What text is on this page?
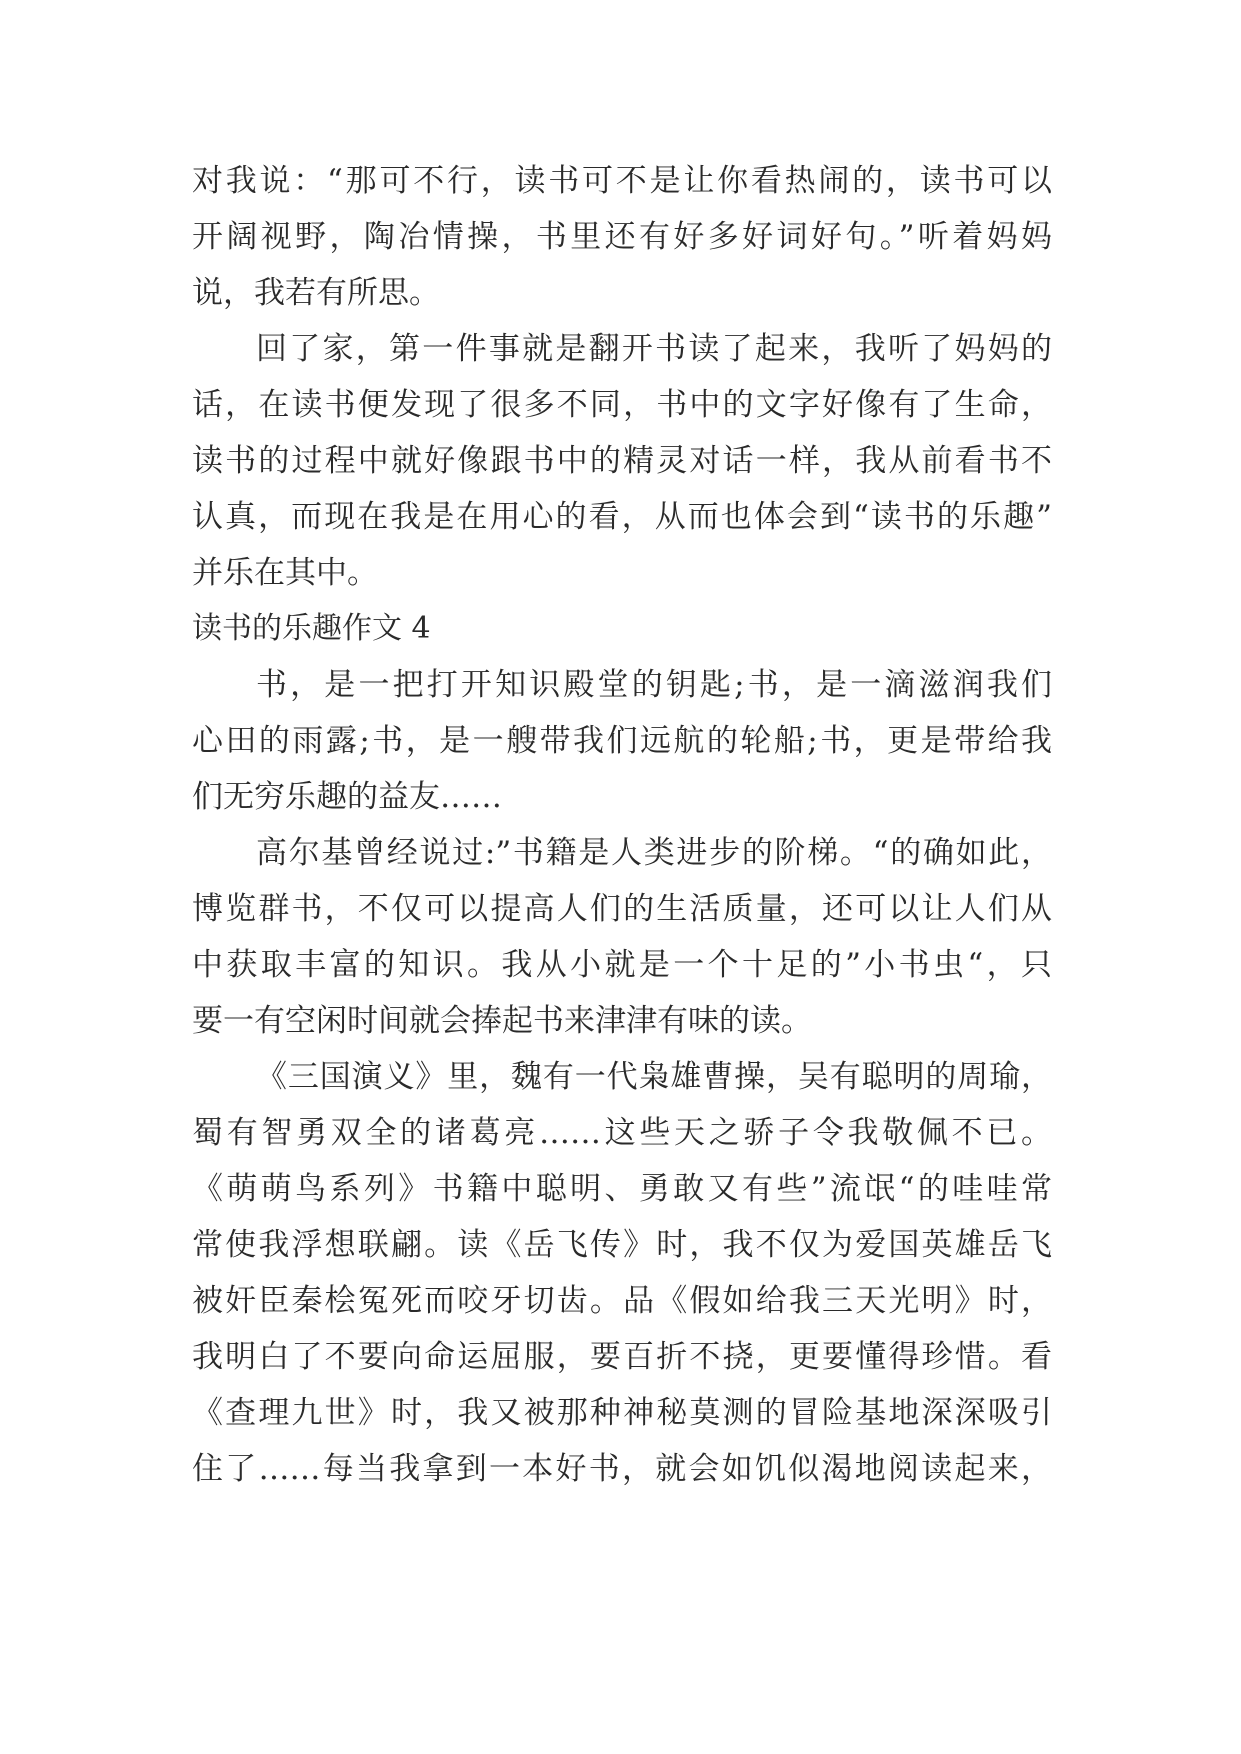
对我说：“那可不行，读书可不是让你看热闹的，读书可以
开阔视野，陶冶情操，书里还有好多好词好句。”听着妈妈
说，我若有所思。
回了家，第一件事就是翻开书读了起来，我听了妈妈的
话，在读书便发现了很多不同，书中的文字好像有了生命，
读书的过程中就好像跟书中的精灵对话一样，我从前看书不
认真，而现在我是在用心的看，从而也体会到“读书的乐趣”
并乐在其中。
读书的乐趣作文 4
书，是一把打开知识殿堂的钥匙;书，是一滴滋润我们
心田的雨露;书，是一艘带我们远航的轮船;书，更是带给我
们无穷乐趣的益友……
高尔基曾经说过:”书籍是人类进步的阶梯。“的确如此，
博览群书，不仅可以提高人们的生活质量，还可以让人们从
中获取丰富的知识。我从小就是一个十足的”小书虫“，只
要一有空闲时间就会捧起书来津津有味的读。
《三国演义》里，魏有一代枭雄曹操，吴有聪明的周瑜，
蜀有智勇双全的诸葛亮……这些天之骄子令我敬佩不已。
《萌萌鸟系列》书籍中聪明、勇敢又有些”流氓“的哇哇常
常使我浮想联翩。读《岳飞传》时，我不仅为爱国英雄岳飞
被奸臣秦桧冤死而咬牙切齿。品《假如给我三天光明》时，
我明白了不要向命运屈服，要百折不挠，更要懂得珍惜。看
《查理九世》时，我又被那种神秘莫测的冒险基地深深吸引
住了……每当我拿到一本好书，就会如饥似渴地阅读起来，
